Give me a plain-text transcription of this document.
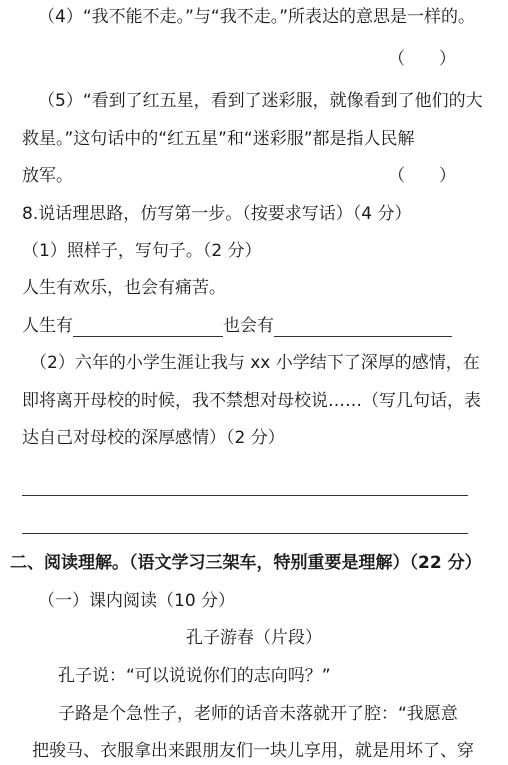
（4）“我不能不走。”与“我不走。”所表达的意思是一样的。
（　　）
（5）“看到了红五星，看到了迷彩服，就像看到了他们的大
救星。”这句话中的“红五星”和“迷彩服”都是指人民解
放军。	（　　）
8.说话理思路，仿写第一步。（按要求写话）（4 分）
（1）照样子，写句子。（2 分）
人生有欢乐，也会有痛苦。
人生有	也会有
（2）六年的小学生涯让我与 xx 小学结下了深厚的感情，在
即将离开母校的时候，我不禁想对母校说……（写几句话，表
达自己对母校的深厚感情）（2 分）
二、阅读理解。（语文学习三架车，特别重要是理解）（22 分）
（一）课内阅读（10 分）
孔子游春（片段）
孔子说：“可以说说你们的志向吗？”
子路是个急性子，老师的话音未落就开了腔：“我愿意
把骏马、衣服拿出来跟朋友们一块儿享用，就是用坏了、穿
